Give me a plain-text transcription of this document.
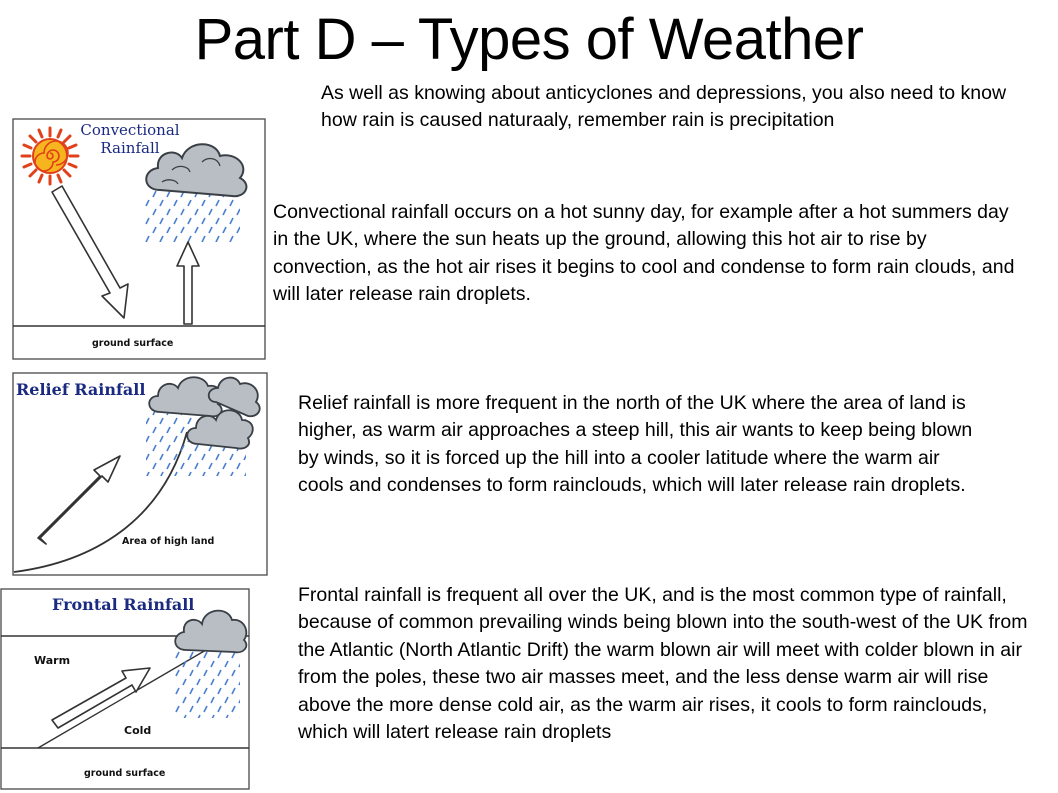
Part D – Types of Weather

As well as knowing about anticyclones and depressions, you also need to know how rain is caused naturaaly, remember rain is precipitation

Convectional rainfall occurs on a hot sunny day, for example after a hot summers day in the UK, where the sun heats up the ground, allowing this hot air to rise by convection, as the hot air rises it begins to cool and condense to form rain clouds, and will later release rain droplets.

Relief rainfall is more frequent in the north of the UK where the area of land is higher, as warm air approaches a steep hill, this air wants to keep being blown by winds, so it is forced up the hill into a cooler latitude where the warm air cools and condenses to form rainclouds, which will later release rain droplets.

Frontal rainfall is frequent all over the UK, and is the most common type of rainfall, because of common prevailing winds being blown into the south-west of the UK from the Atlantic (North Atlantic Drift) the warm blown air will meet with colder blown in air from the poles, these two air masses meet, and the less dense warm air will rise above the more dense cold air, as the warm air rises, it cools to form rainclouds, which will latert release rain droplets

ground surface
Convectional
Rainfall
Relief Rainfall
Area of high land
Frontal Rainfall
Warm
Cold
ground surface
